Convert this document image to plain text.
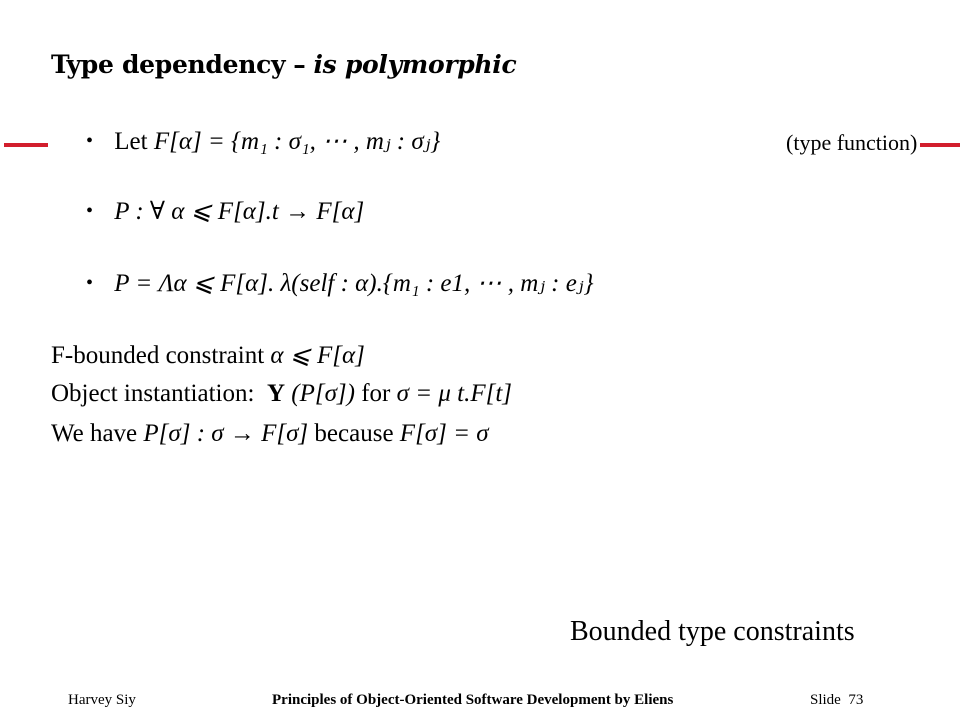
Type dependency – is polymorphic
• Let F[α] = {m₁ : σ₁, ⋯ , mⱼ : σⱼ}	(type function)
• P : ∀ α ⩽ F[α].t → F[α]
• P = Λα ⩽ F[α]. λ(self : α).{m₁ : e1, ⋯ , mⱼ : eⱼ}
F-bounded constraint α ⩽ F[α]
Object instantiation: Y (P[σ]) for σ = μ t.F[t]
We have P[σ] : σ → F[σ] because F[σ] = σ
Bounded type constraints
Harvey Siy	Principles of Object-Oriented Software Development by Eliens	Slide 73
